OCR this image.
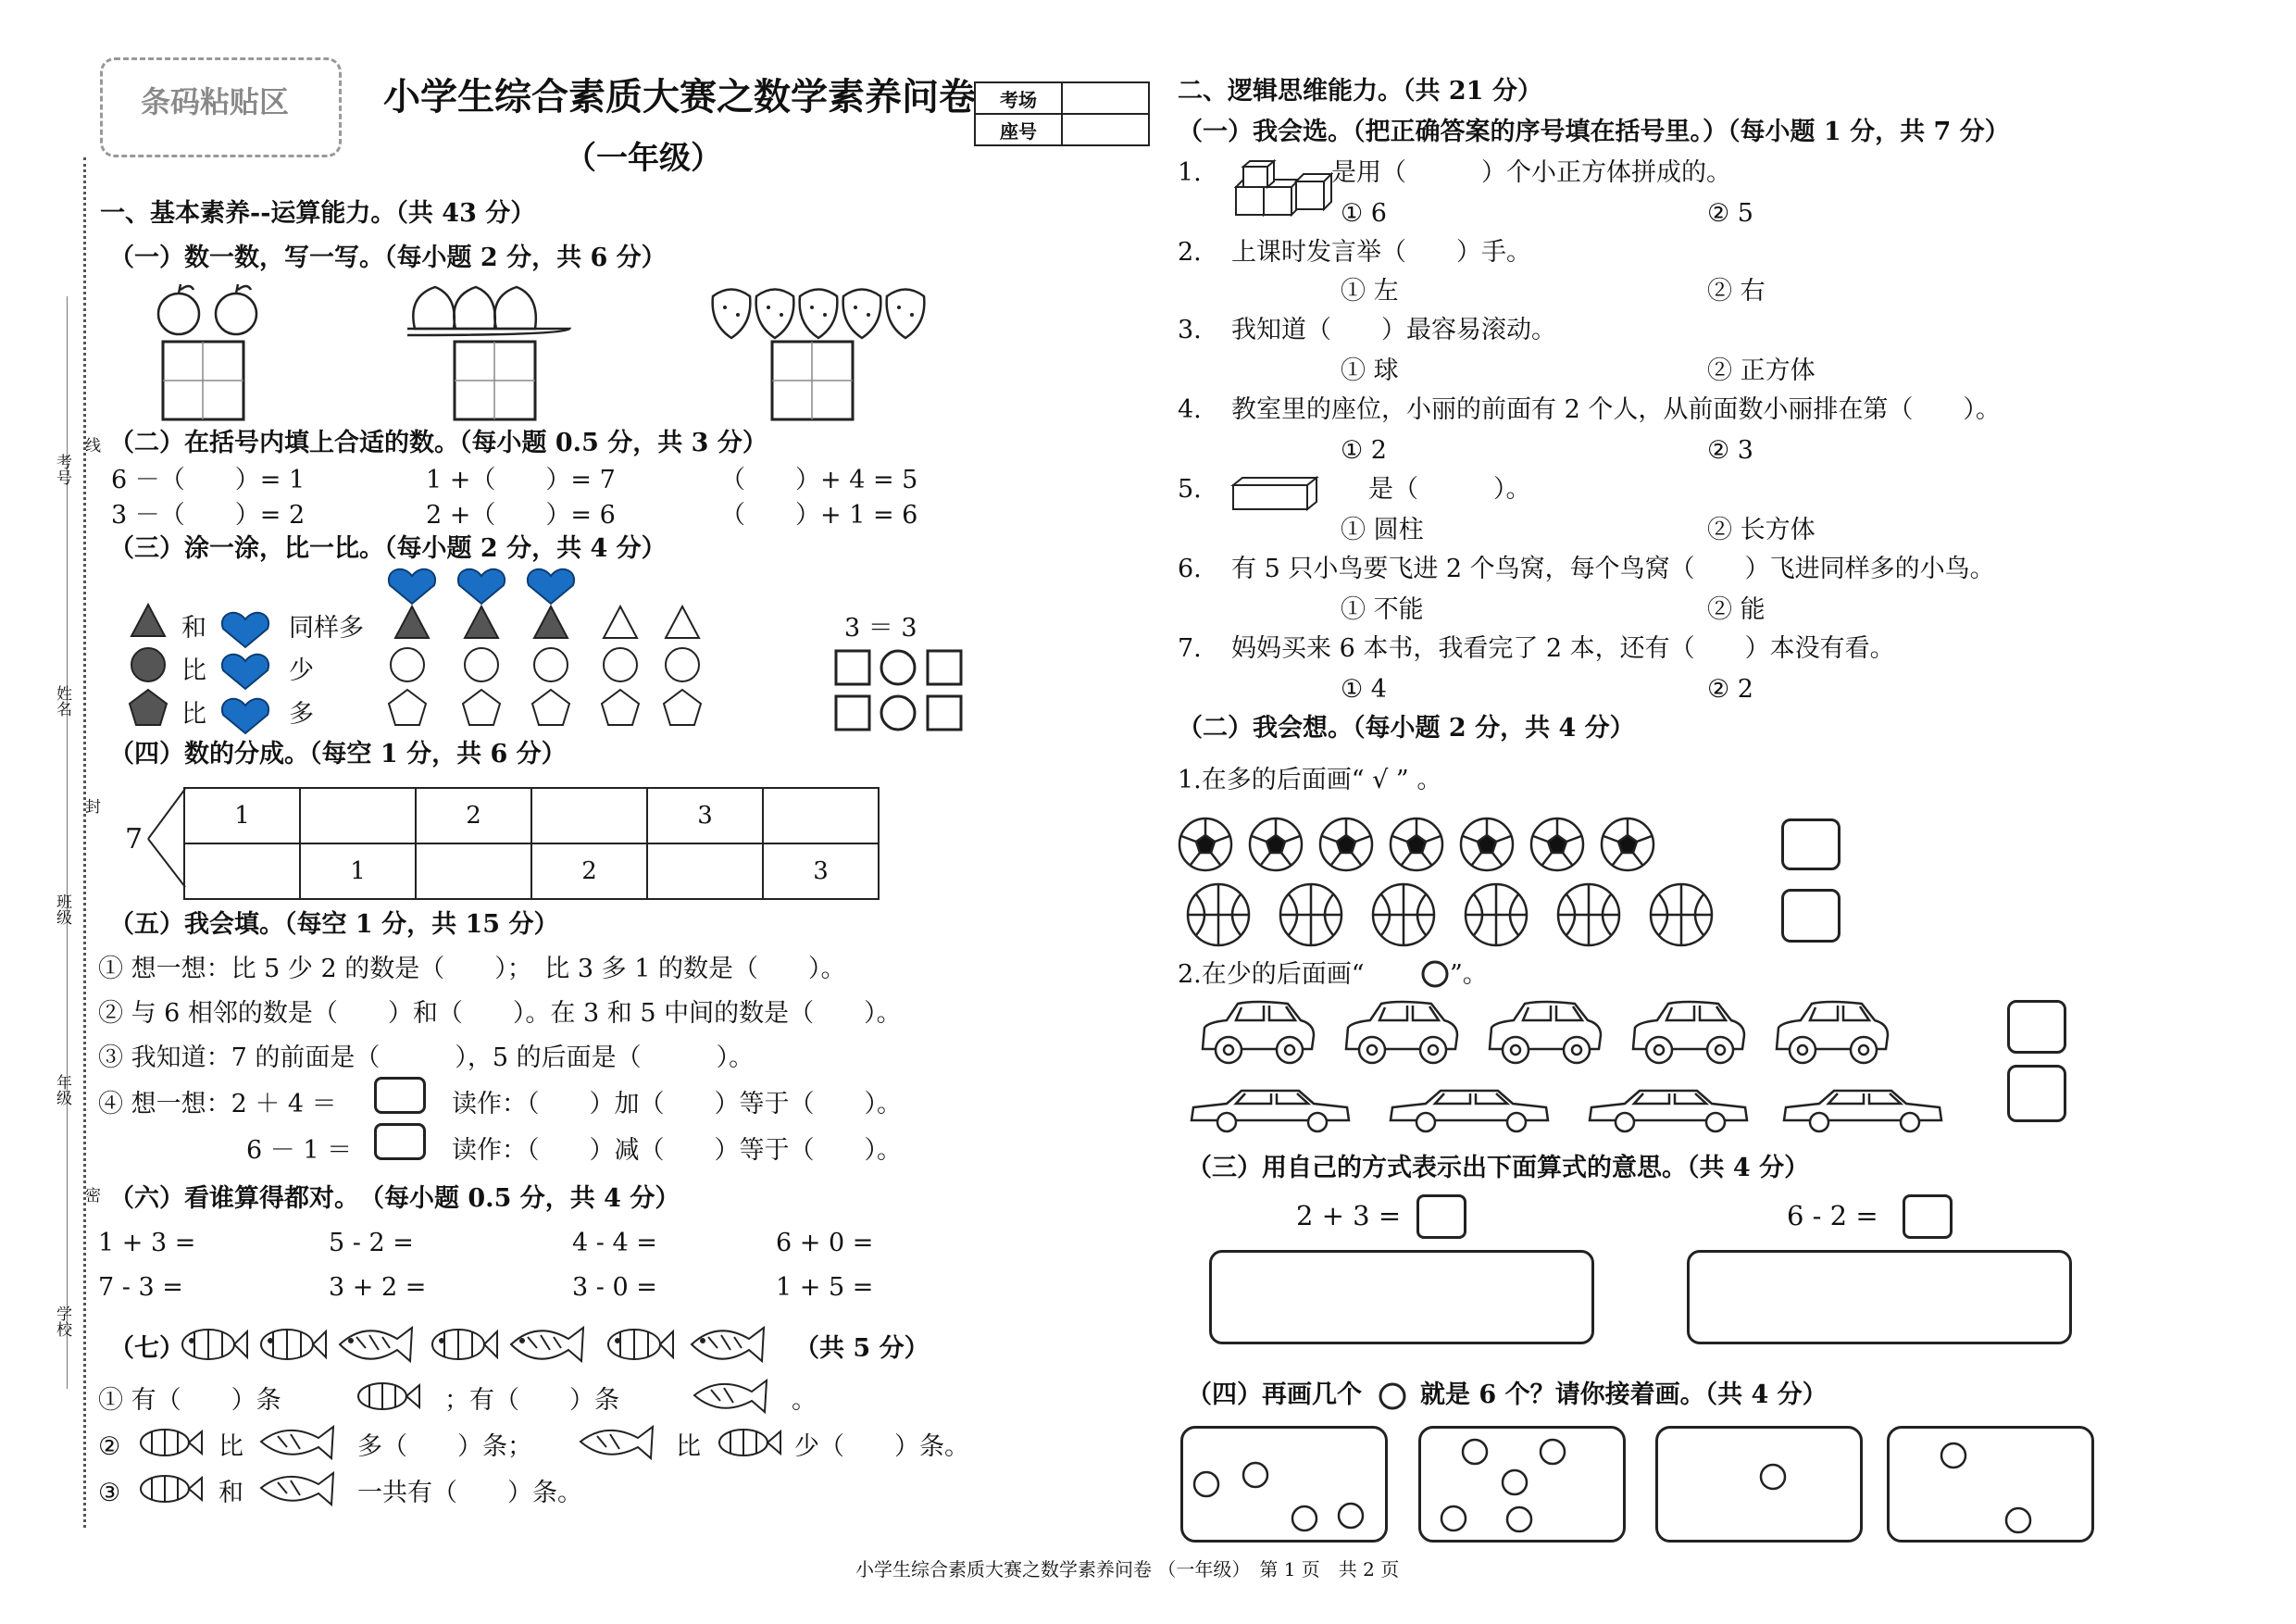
条码粘贴区
考号
线
姓名
封
班级
年级
密
学校
小学生综合素质大赛之数学素养问卷
（一年级）
考场	
座号	
一、基本素养--运算能力。（共 43 分）
（一）数一数，写一写。（每小题 2 分，共 6 分）
（二）在括号内填上合适的数。（每小题 0.5 分，共 3 分）
6 －（　　）= 1	1 +（　　）= 7	（　　）+ 4 = 5
3 －（　　）= 2	2 +（　　）= 6	（　　）+ 1 = 6
（三）涂一涂，比一比。（每小题 2 分，共 4 分）
和	同样多
比	少
比	多
3 ＝ 3
（四）数的分成。（每空 1 分，共 6 分）
7
1		2		3	
	1		2		3
（五）我会填。（每空 1 分，共 15 分）
① 想一想：比 5 少 2 的数是（　　）；　比 3 多 1 的数是（　　）。
② 与 6 相邻的数是（　　）和（　　）。在 3 和 5 中间的数是（　　）。
③ 我知道：7 的前面是（　　　），5 的后面是（　　　）。
④ 想一想：2 ＋ 4 ＝	读作：（　　）加（　　）等于（　　）。
6 － 1 ＝	读作：（　　）减（　　）等于（　　）。
（六）看谁算得都对。　（每小题 0.5 分，共 4 分）
1 + 3 =	5 - 2 =	4 - 4 =	6 + 0 =
7 - 3 =	3 + 2 =	3 - 0 =	1 + 5 =
（七）	（共 5 分）
① 有（　　）条	；有（　　）条	。
②	比	多（　　）条；	比	少（　　）条。
③	和	一共有（　　）条。
二、逻辑思维能力。（共 21 分）
（一）我会选。（把正确答案的序号填在括号里。）（每小题 1 分，共 7 分）
1.	是用（　　　）个小正方体拼成的。
① 6	② 5
2. 上课时发言举（　　）手。
① 左	② 右
3. 我知道（　　）最容易滚动。
① 球	② 正方体
4. 教室里的座位，小丽的前面有 2 个人，从前面数小丽排在第（　　）。
① 2	② 3
5.	是（　　　）。
① 圆柱	② 长方体
6. 有 5 只小鸟要飞进 2 个鸟窝，每个鸟窝（　　）飞进同样多的小鸟。
① 不能	② 能
7. 妈妈买来 6 本书，我看完了 2 本，还有（　　）本没有看。
① 4	② 2
（二）我会想。（每小题 2 分，共 4 分）
1.在多的后面画“ √ ” 。
2.在少的后面画“	”。
（三）用自己的方式表示出下面算式的意思。（共 4 分）
2 + 3 =	6 - 2 =
（四）再画几个 就是 6 个？请你接着画。（共 4 分）
小学生综合素质大赛之数学素养问卷 （一年级）　第 1 页　共 2 页
